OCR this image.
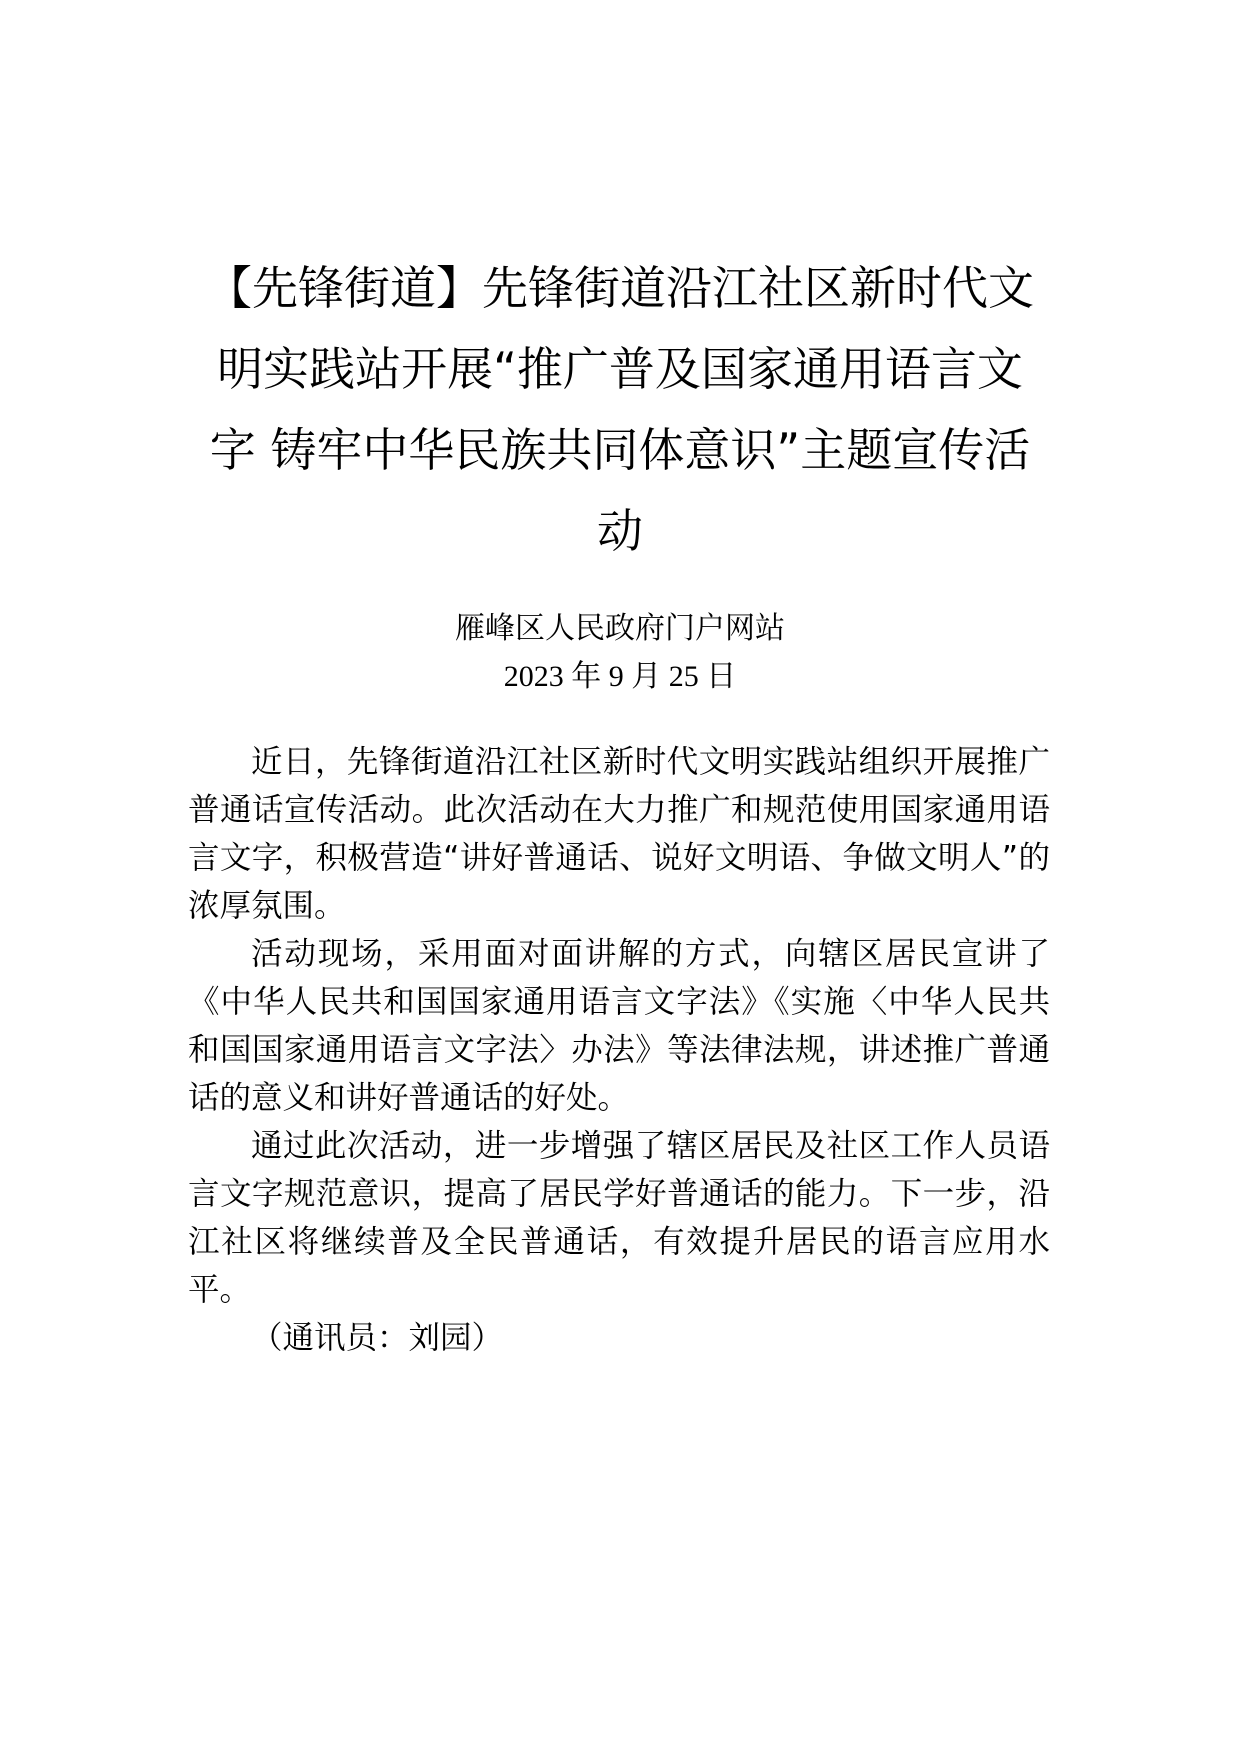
【先锋街道】先锋街道沿江社区新时代文明实践站开展“推广普及国家通用语言文字 铸牢中华民族共同体意识”主题宣传活动
雁峰区人民政府门户网站
2023 年 9 月 25 日

近日，先锋街道沿江社区新时代文明实践站组织开展推广普通话宣传活动。此次活动在大力推广和规范使用国家通用语言文字，积极营造“讲好普通话、说好文明语、争做文明人”的浓厚氛围。

活动现场，采用面对面讲解的方式，向辖区居民宣讲了《中华人民共和国国家通用语言文字法》《实施〈中华人民共和国国家通用语言文字法〉办法》等法律法规，讲述推广普通话的意义和讲好普通话的好处。

通过此次活动，进一步增强了辖区居民及社区工作人员语言文字规范意识，提高了居民学好普通话的能力。下一步，沿江社区将继续普及全民普通话，有效提升居民的语言应用水平。

（通讯员：刘园）
